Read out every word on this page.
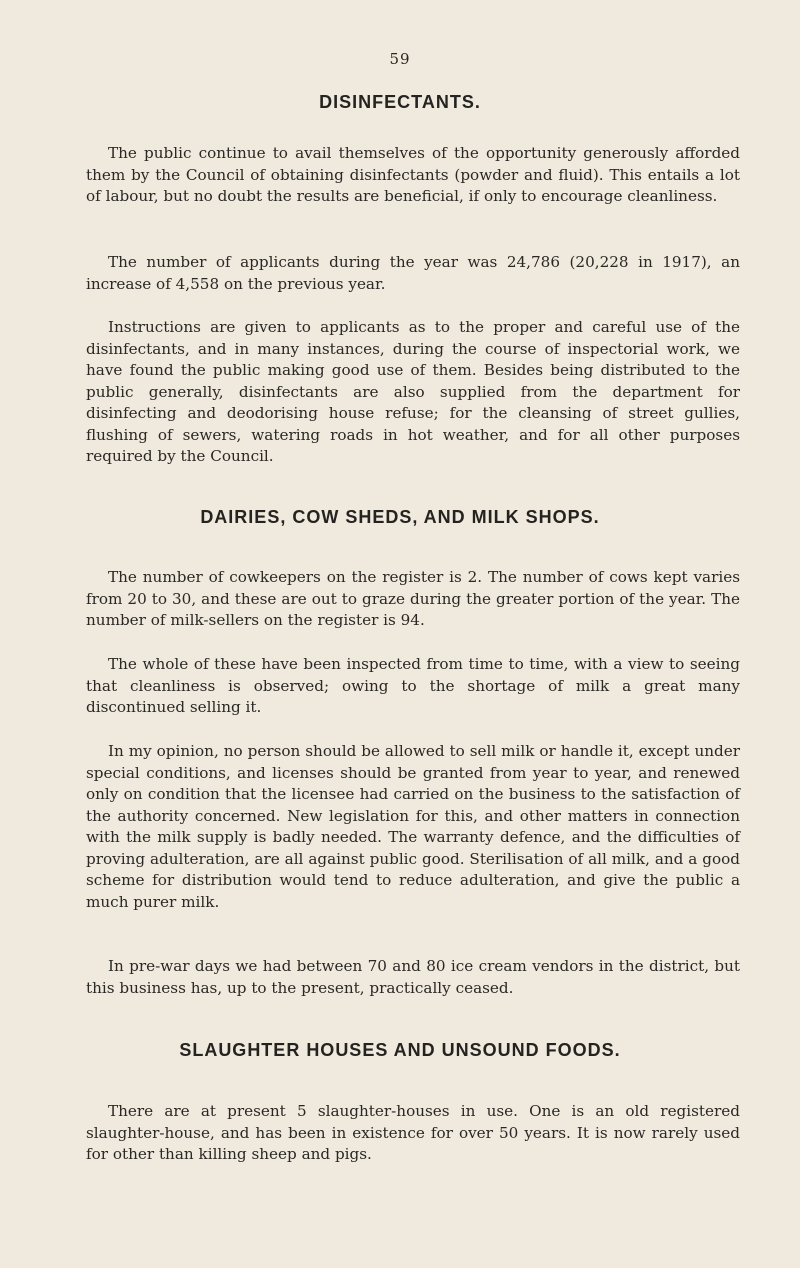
59
DISINFECTANTS.

The public continue to avail themselves of the opportunity generously afforded them by the Council of obtaining disinfectants (powder and fluid). This entails a lot of labour, but no doubt the results are beneficial, if only to encourage cleanliness.

The number of applicants during the year was 24,786 (20,228 in 1917), an increase of 4,558 on the previous year.

Instructions are given to applicants as to the proper and careful use of the disinfectants, and in many instances, during the course of inspectorial work, we have found the public making good use of them. Besides being distributed to the public generally, disinfectants are also supplied from the department for disinfecting and deodorising house refuse; for the cleansing of street gullies, flushing of sewers, watering roads in hot weather, and for all other purposes required by the Council.

DAIRIES, COW SHEDS, AND MILK SHOPS.

The number of cowkeepers on the register is 2. The number of cows kept varies from 20 to 30, and these are out to graze during the greater portion of the year. The number of milk-sellers on the register is 94.

The whole of these have been inspected from time to time, with a view to seeing that cleanliness is observed; owing to the shortage of milk a great many discontinued selling it.

In my opinion, no person should be allowed to sell milk or handle it, except under special conditions, and licenses should be granted from year to year, and renewed only on condition that the licensee had carried on the business to the satisfaction of the authority concerned. New legislation for this, and other matters in connection with the milk supply is badly needed. The warranty defence, and the difficulties of proving adulteration, are all against public good. Sterilisation of all milk, and a good scheme for distribution would tend to reduce adulteration, and give the public a much purer milk.

In pre-war days we had between 70 and 80 ice cream vendors in the district, but this business has, up to the present, practically ceased.

SLAUGHTER HOUSES AND UNSOUND FOODS.

There are at present 5 slaughter-houses in use. One is an old registered slaughter-house, and has been in existence for over 50 years. It is now rarely used for other than killing sheep and pigs.
